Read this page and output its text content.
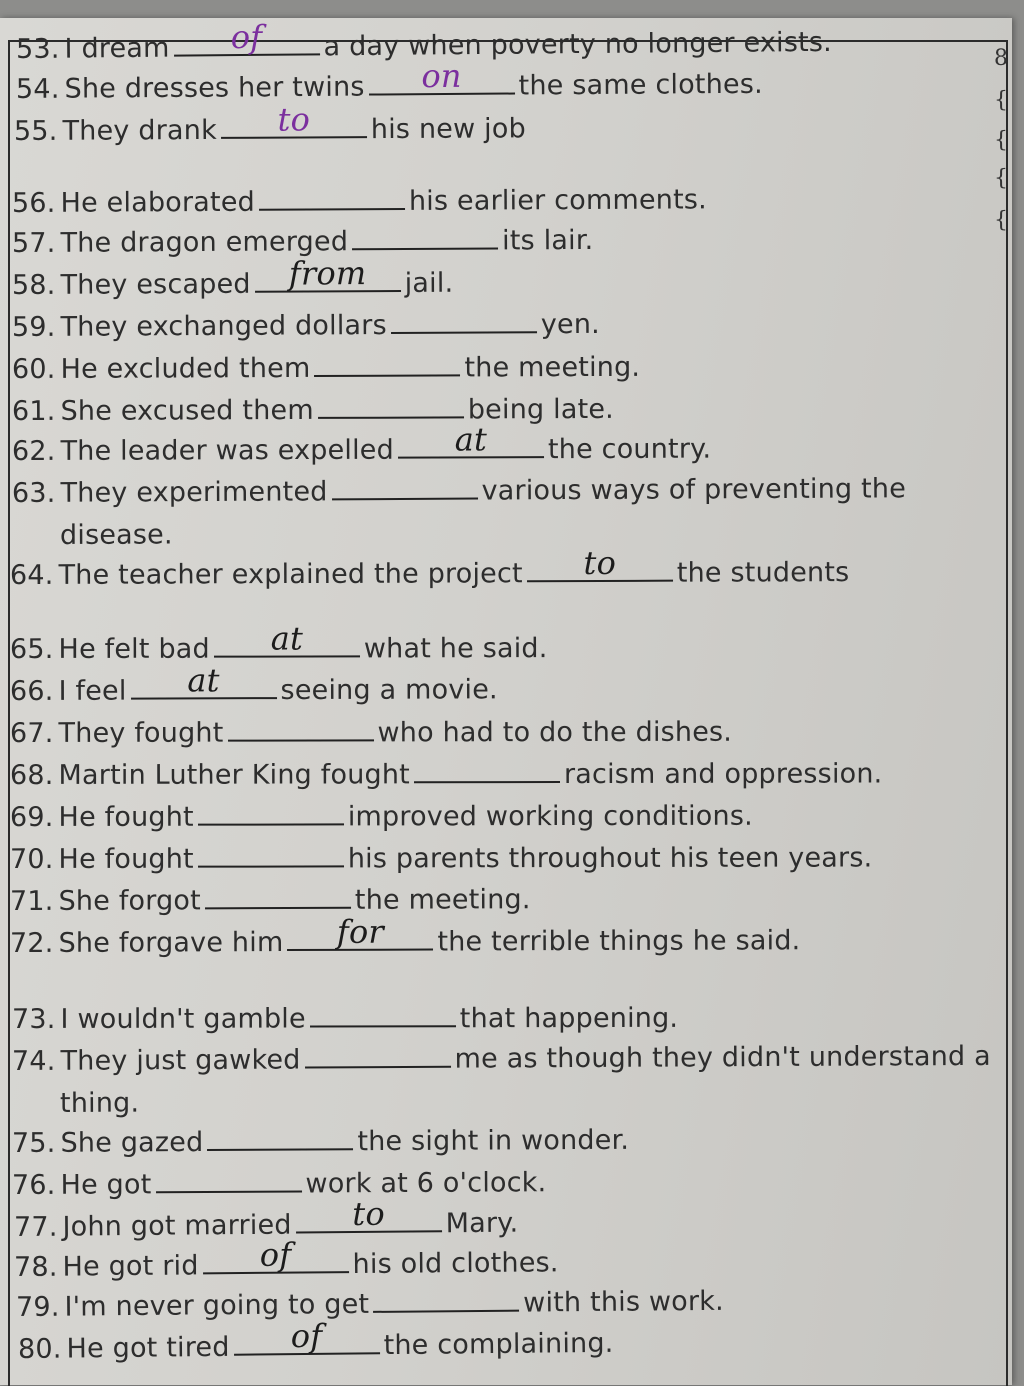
8
{
{
{
{
53. I dream	of	a day when poverty no longer exists.
54. She dresses her twins	on	the same clothes.
55. They drank	to	his new job
56. He elaborated	his earlier comments.
57. The dragon emerged	its lair.
58. They escaped	from	jail.
59. They exchanged dollars	yen.
60. He excluded them	the meeting.
61. She excused them	being late.
62. The leader was expelled	at	the country.
63. They experimented	various ways of preventing the
disease.
64. The teacher explained the project	to	the students
65. He felt bad	at	what he said.
66. I feel	at	seeing a movie.
67. They fought	who had to do the dishes.
68. Martin Luther King fought	racism and oppression.
69. He fought	improved working conditions.
70. He fought	his parents throughout his teen years.
71. She forgot	the meeting.
72. She forgave him	for	the terrible things he said.
73. I wouldn't gamble	that happening.
74. They just gawked	me as though they didn't understand a
thing.
75. She gazed	the sight in wonder.
76. He got	work at 6 o'clock.
77. John got married	to	Mary.
78. He got rid	of	his old clothes.
79. I'm never going to get	with this work.
80. He got tired	of	the complaining.
